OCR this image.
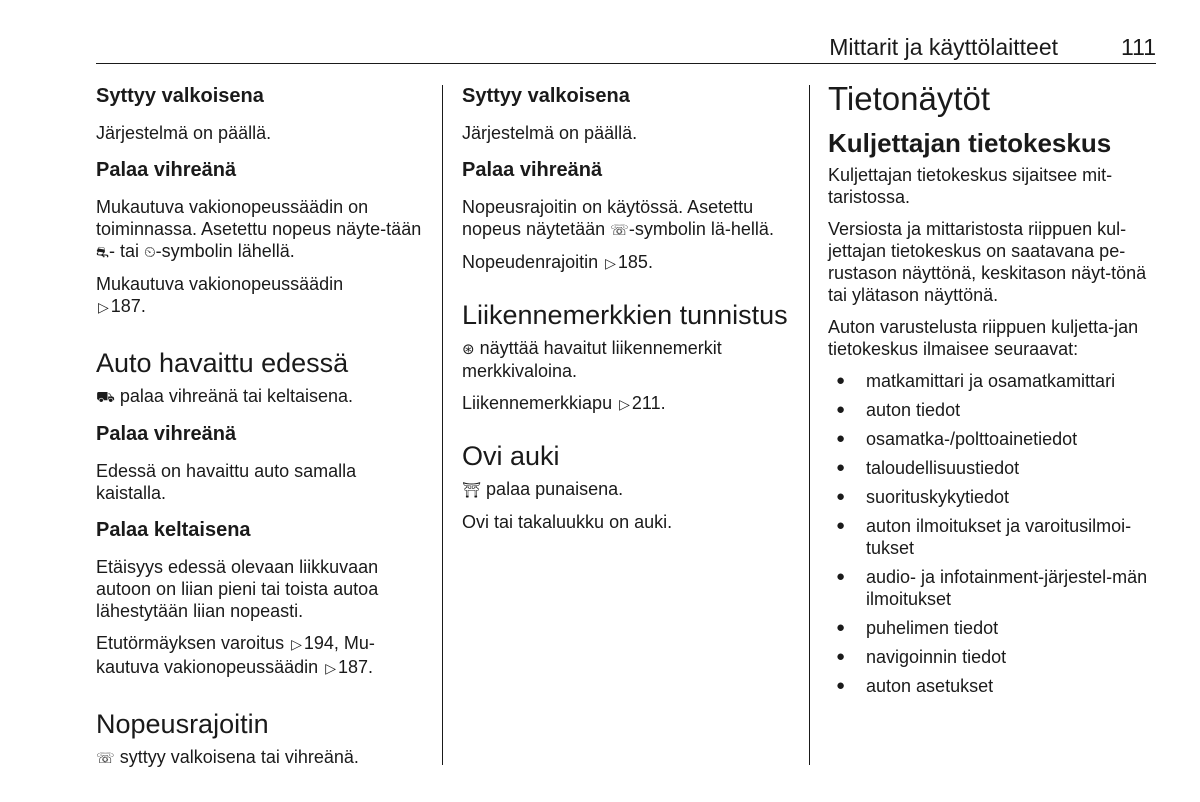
Mittarit ja käyttölaitteet	111
Syttyy valkoisena

Järjestelmä on päällä.

Palaa vihreänä

Mukautuva vakionopeussäädin on toiminnassa. Asetettu nopeus näyte-tään ⛐- tai ⏲-symbolin lähellä.

Mukautuva vakionopeussäädin
▷ 187.

Auto havaittu edessä

⛟ palaa vihreänä tai keltaisena.

Palaa vihreänä

Edessä on havaittu auto samalla kaistalla.

Palaa keltaisena

Etäisyys edessä olevaan liikkuvaan autoon on liian pieni tai toista autoa lähestytään liian nopeasti.

Etutörmäyksen varoitus ▷ 194, Mu-kautuva vakionopeussäädin ▷ 187.

Nopeusrajoitin

☏ syttyy valkoisena tai vihreänä.

Syttyy valkoisena

Järjestelmä on päällä.

Palaa vihreänä

Nopeusrajoitin on käytössä. Asetettu nopeus näytetään ☏-symbolin lä-hellä.

Nopeudenrajoitin ▷ 185.

Liikennemerkkien tunnistus

⊛ näyttää havaitut liikennemerkit merkkivaloina.

Liikennemerkkiapu ▷ 211.

Ovi auki

⛩ palaa punaisena.

Ovi tai takaluukku on auki.

Tietonäytöt
Kuljettajan tietokeskus

Kuljettajan tietokeskus sijaitsee mit-taristossa.

Versiosta ja mittaristosta riippuen kul-jettajan tietokeskus on saatavana pe-rustason näyttönä, keskitason näyt-tönä tai ylätason näyttönä.

Auton varustelusta riippuen kuljetta-jan tietokeskus ilmaisee seuraavat:

● matkamittari ja osamatkamittari
● auton tiedot
● osamatka-/polttoainetiedot
● taloudellisuustiedot
● suorituskykytiedot
● auton ilmoitukset ja varoitusilmoi-tukset
● audio- ja infotainment-järjestel-män ilmoitukset
● puhelimen tiedot
● navigoinnin tiedot
● auton asetukset
